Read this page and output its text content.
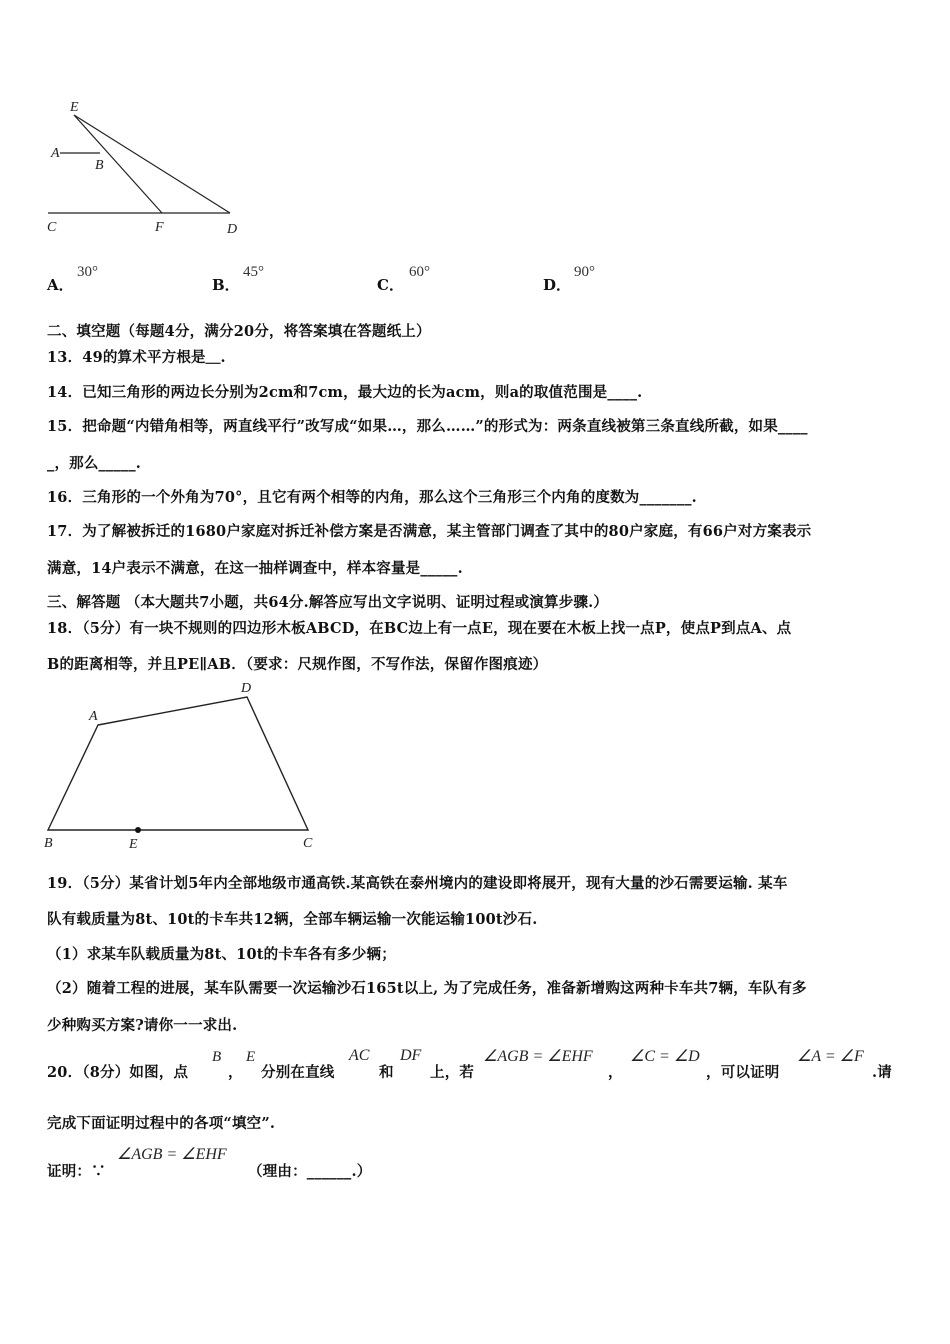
E
A
B
C	F	D
A．
30°
B．
45°
C．
60°
D．
90°
二、填空题（每题4分，满分20分，将答案填在答题纸上）
13．49的算术平方根是＿.
14．已知三角形的两边长分别为2cm和7cm，最大边的长为acm，则a的取值范围是____.
15．把命题“内错角相等，两直线平行”改写成“如果…，那么……”的形式为：两条直线被第三条直线所截，如果____
_，那么_____.
16．三角形的一个外角为70°，且它有两个相等的内角，那么这个三角形三个内角的度数为_______.
17．为了解被拆迁的1680户家庭对拆迁补偿方案是否满意，某主管部门调查了其中的80户家庭，有66户对方案表示
满意，14户表示不满意，在这一抽样调查中，样本容量是_____.
三、解答题 （本大题共7小题，共64分.解答应写出文字说明、证明过程或演算步骤.）
18．（5分）有一块不规则的四边形木板ABCD，在BC边上有一点E，现在要在木板上找一点P，使点P到点A、点
B的距离相等，并且PE∥AB．（要求：尺规作图，不写作法，保留作图痕迹）
A
D
B	E	C
19．（5分）某省计划5年内全部地级市通高铁.某高铁在泰州境内的建设即将展开，现有大量的沙石需要运输. 某车
队有载质量为8t、10t的卡车共12辆，全部车辆运输一次能运输100t沙石.
（1）求某车队载质量为8t、10t的卡车各有多少辆；
（2）随着工程的进展，某车队需要一次运输沙石165t以上, 为了完成任务，准备新增购这两种卡车共7辆，车队有多
少种购买方案?请你一一求出.
20．（8分）如图，点
B
，
E
分别在直线
AC
和
DF
上，若
∠AGB = ∠EHF
，
∠C = ∠D
，可以证明
∠A = ∠F
.请
完成下面证明过程中的各项“填空”.
证明：∵
∠AGB = ∠EHF
（理由：______.）
